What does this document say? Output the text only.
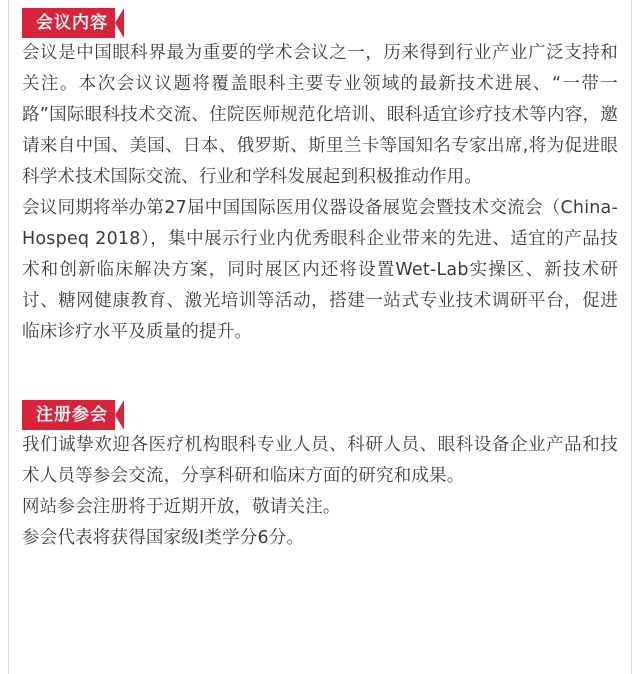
会议内容

会议是中国眼科界最为重要的学术会议之一，历来得到行业产业广泛支持和关注。本次会议议题将覆盖眼科主要专业领域的最新技术进展、“一带一路”国际眼科技术交流、住院医师规范化培训、眼科适宜诊疗技术等内容，邀请来自中国、美国、日本、俄罗斯、斯里兰卡等国知名专家出席,将为促进眼科学术技术国际交流、行业和学科发展起到积极推动作用。

会议同期将举办第27届中国国际医用仪器设备展览会暨技术交流会（China-Hospeq 2018），集中展示行业内优秀眼科企业带来的先进、适宜的产品技术和创新临床解决方案，同时展区内还将设置Wet-Lab实操区、新技术研讨、糖网健康教育、激光培训等活动，搭建一站式专业技术调研平台，促进临床诊疗水平及质量的提升。

注册参会

我们诚挚欢迎各医疗机构眼科专业人员、科研人员、眼科设备企业产品和技术人员等参会交流，分享科研和临床方面的研究和成果。

网站参会注册将于近期开放，敬请关注。

参会代表将获得国家级Ⅰ类学分6分。
